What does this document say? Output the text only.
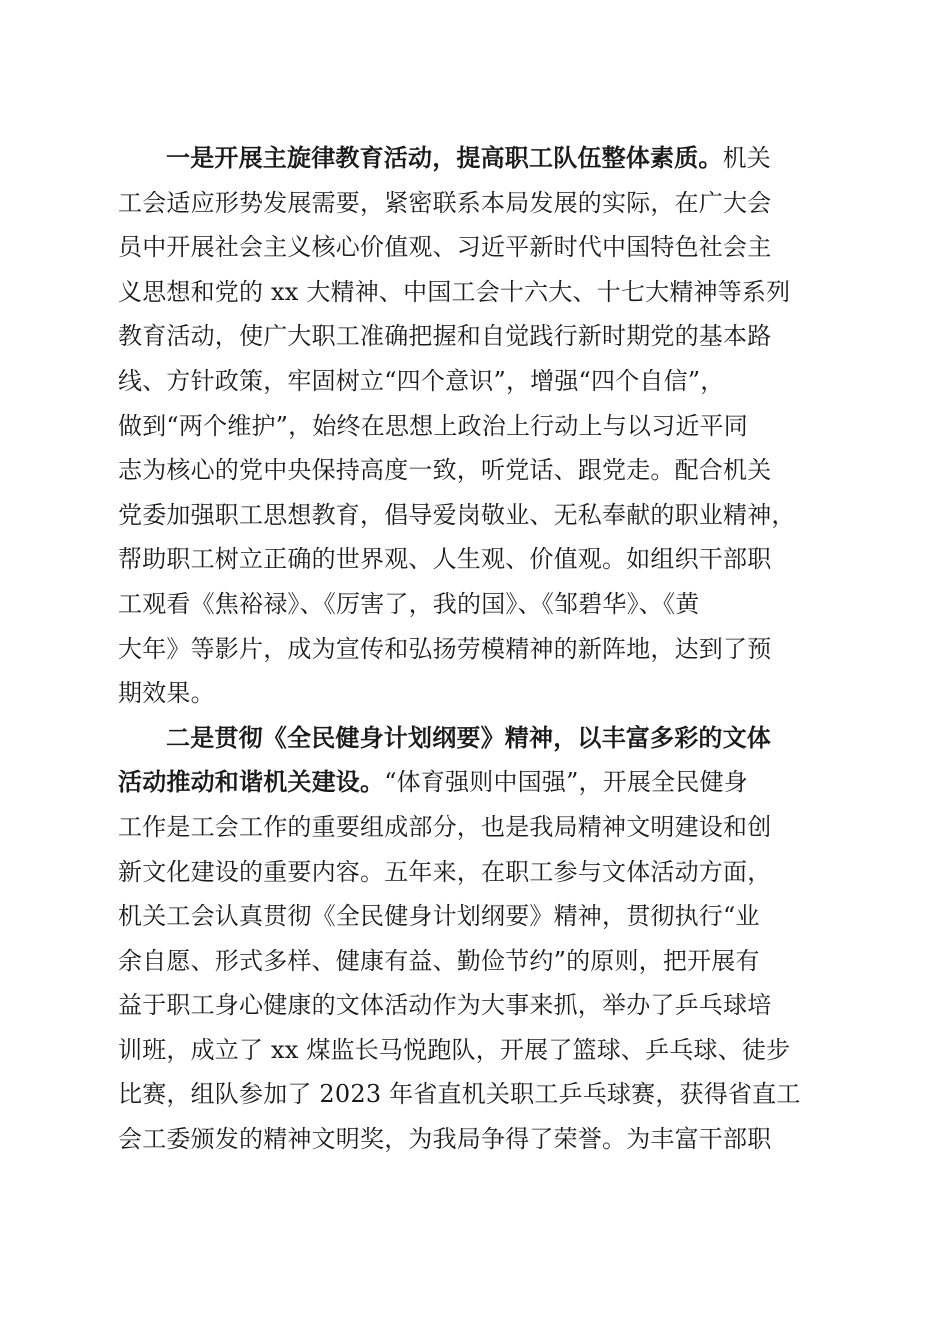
一是开展主旋律教育活动，提高职工队伍整体素质。机关
工会适应形势发展需要，紧密联系本局发展的实际，在广大会
员中开展社会主义核心价值观、习近平新时代中国特色社会主
义思想和党的 xx 大精神、中国工会十六大、十七大精神等系列
教育活动，使广大职工准确把握和自觉践行新时期党的基本路
线、方针政策，牢固树立“四个意识”，增强“四个自信”，
做到“两个维护”，始终在思想上政治上行动上与以习近平同
志为核心的党中央保持高度一致，听党话、跟党走。配合机关
党委加强职工思想教育，倡导爱岗敬业、无私奉献的职业精神，
帮助职工树立正确的世界观、人生观、价值观。如组织干部职
工观看《焦裕禄》、《厉害了，我的国》、《邹碧华》、《黄
大年》等影片，成为宣传和弘扬劳模精神的新阵地，达到了预
期效果。
二是贯彻《全民健身计划纲要》精神，以丰富多彩的文体
活动推动和谐机关建设。“体育强则中国强”，开展全民健身
工作是工会工作的重要组成部分，也是我局精神文明建设和创
新文化建设的重要内容。五年来，在职工参与文体活动方面，
机关工会认真贯彻《全民健身计划纲要》精神，贯彻执行“业
余自愿、形式多样、健康有益、勤俭节约”的原则，把开展有
益于职工身心健康的文体活动作为大事来抓，举办了乒乓球培
训班，成立了 xx 煤监长马悦跑队，开展了篮球、乒乓球、徒步
比赛，组队参加了 2023 年省直机关职工乒乓球赛，获得省直工
会工委颁发的精神文明奖，为我局争得了荣誉。为丰富干部职
